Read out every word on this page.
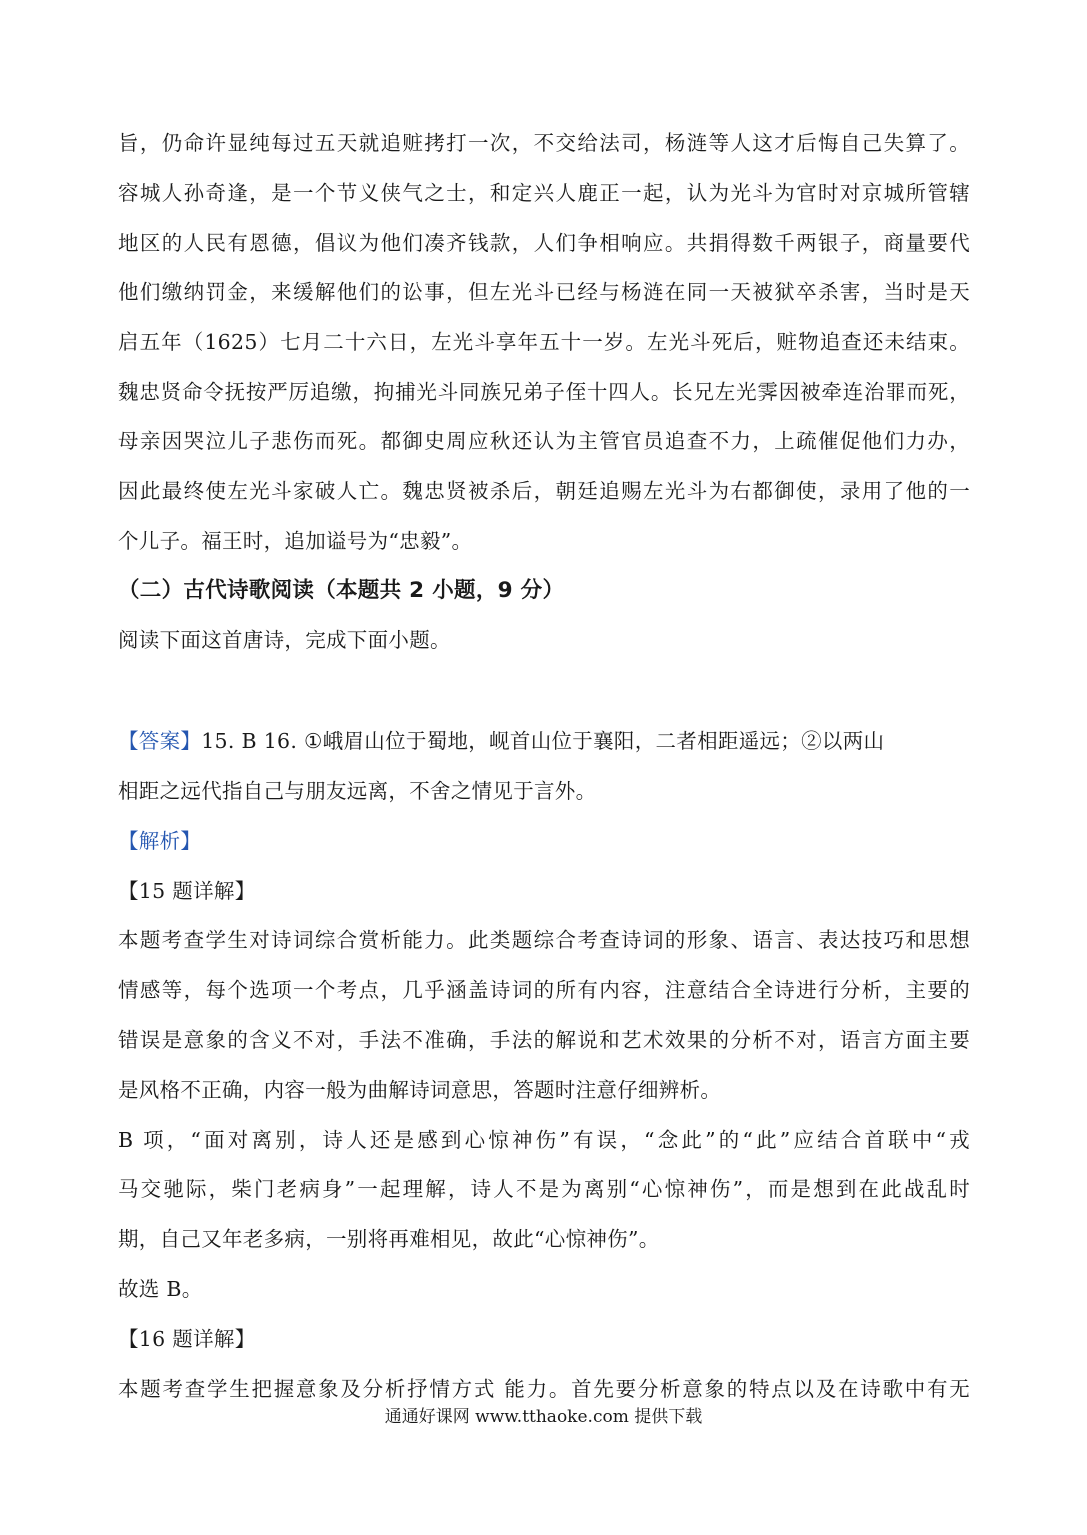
旨，仍命许显纯每过五天就追赃拷打一次，不交给法司，杨涟等人这才后悔自己失算了。
容城人孙奇逢，是一个节义侠气之士，和定兴人鹿正一起，认为光斗为官时对京城所管辖
地区的人民有恩德，倡议为他们凑齐钱款，人们争相响应。共捐得数千两银子，商量要代
他们缴纳罚金，来缓解他们的讼事，但左光斗已经与杨涟在同一天被狱卒杀害，当时是天
启五年（1625）七月二十六日，左光斗享年五十一岁。左光斗死后，赃物追查还未结束。
魏忠贤命令抚按严厉追缴，拘捕光斗同族兄弟子侄十四人。长兄左光霁因被牵连治罪而死，
母亲因哭泣儿子悲伤而死。都御史周应秋还认为主管官员追查不力，上疏催促他们力办，
因此最终使左光斗家破人亡。魏忠贤被杀后，朝廷追赐左光斗为右都御使，录用了他的一
个儿子。福王时，追加谥号为“忠毅”。
（二）古代诗歌阅读（本题共 2 小题，9 分）
阅读下面这首唐诗，完成下面小题。
【答案】15. B 16. ①峨眉山位于蜀地，岘首山位于襄阳，二者相距遥远；②以两山
相距之远代指自己与朋友远离，不舍之情见于言外。
【解析】
【15 题详解】
本题考查学生对诗词综合赏析能力。此类题综合考查诗词的形象、语言、表达技巧和思想
情感等，每个选项一个考点，几乎涵盖诗词的所有内容，注意结合全诗进行分析，主要的
错误是意象的含义不对，手法不准确，手法的解说和艺术效果的分析不对，语言方面主要
是风格不正确，内容一般为曲解诗词意思，答题时注意仔细辨析。
B 项，“面对离别，诗人还是感到心惊神伤”有误，“念此”的“此”应结合首联中“戎
马交驰际，柴门老病身”一起理解，诗人不是为离别“心惊神伤”，而是想到在此战乱时
期，自己又年老多病，一别将再难相见，故此“心惊神伤”。
故选 B。
【16 题详解】
本题考查学生把握意象及分析抒情方式 能力。首先要分析意象的特点以及在诗歌中有无
通通好课网 www.tthaoke.com 提供下载
